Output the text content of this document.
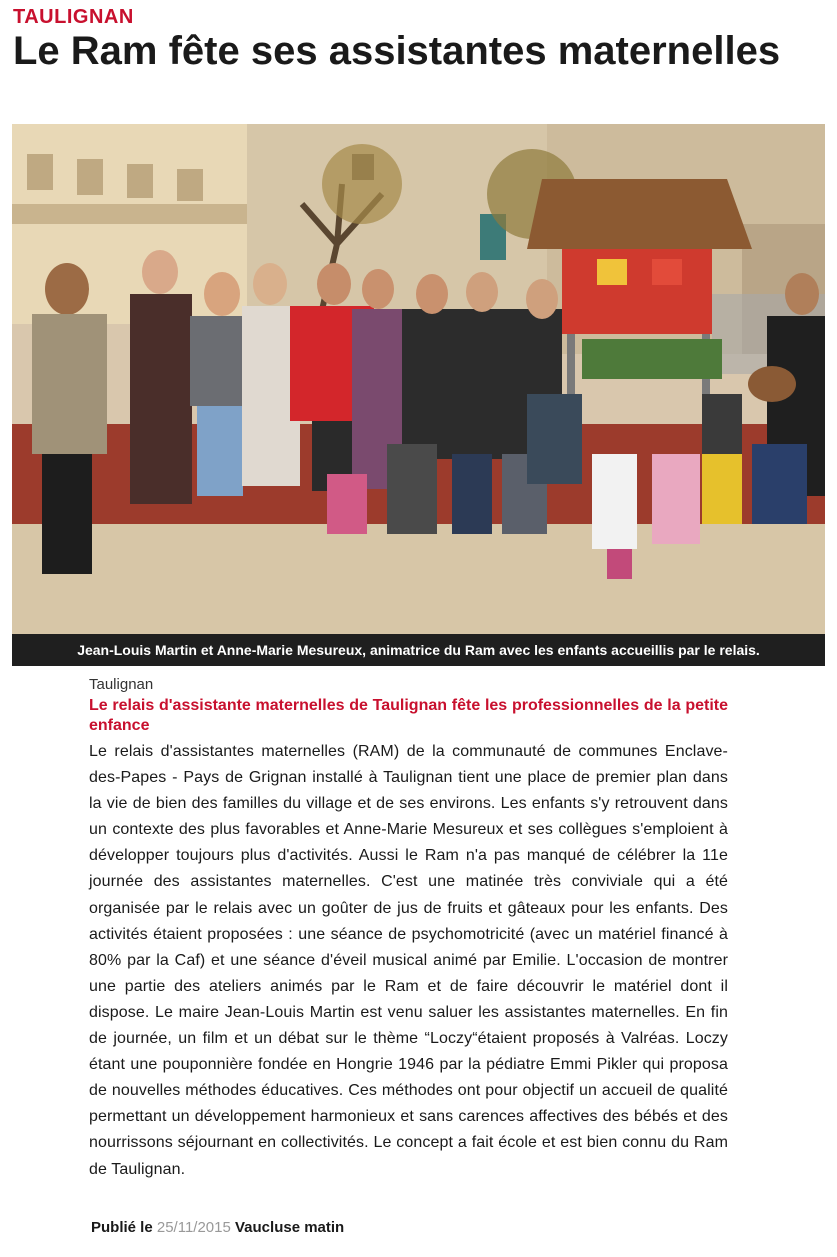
TAULIGNAN
Le Ram fête ses assistantes maternelles
Jean-Louis Martin et Anne-Marie Mesureux, animatrice du Ram avec les enfants accueillis par le relais.
Taulignan
Le relais d'assistante maternelles de Taulignan fête les professionnelles de la petite enfance
Le relais d'assistantes maternelles (RAM) de la communauté de communes Enclave-des-Papes - Pays de Grignan installé à Taulignan tient une place de premier plan dans la vie de bien des familles du village et de ses environs. Les enfants s'y retrouvent dans un contexte des plus favorables et Anne-Marie Mesureux et ses collègues s'emploient à développer toujours plus d'activités. Aussi le Ram n'a pas manqué de célébrer la 11e journée des assistantes maternelles. C'est une matinée très conviviale qui a été organisée par le relais avec un goûter de jus de fruits et gâteaux pour les enfants. Des activités étaient proposées : une séance de psychomotricité (avec un matériel financé à 80% par la Caf) et une séance d'éveil musical animé par Emilie. L'occasion de montrer une partie des ateliers animés par le Ram et de faire découvrir le matériel dont il dispose. Le maire Jean-Louis Martin est venu saluer les assistantes maternelles. En fin de journée, un film et un débat sur le thème “Loczy“étaient proposés à Valréas. Loczy étant une pouponnière fondée en Hongrie 1946 par la pédiatre Emmi Pikler qui proposa de nouvelles méthodes éducatives. Ces méthodes ont pour objectif un accueil de qualité permettant un développement harmonieux et sans carences affectives des bébés et des nourrissons séjournant en collectivités. Le concept a fait école et est bien connu du Ram de Taulignan.
Publié le 25/11/2015 Vaucluse matin
